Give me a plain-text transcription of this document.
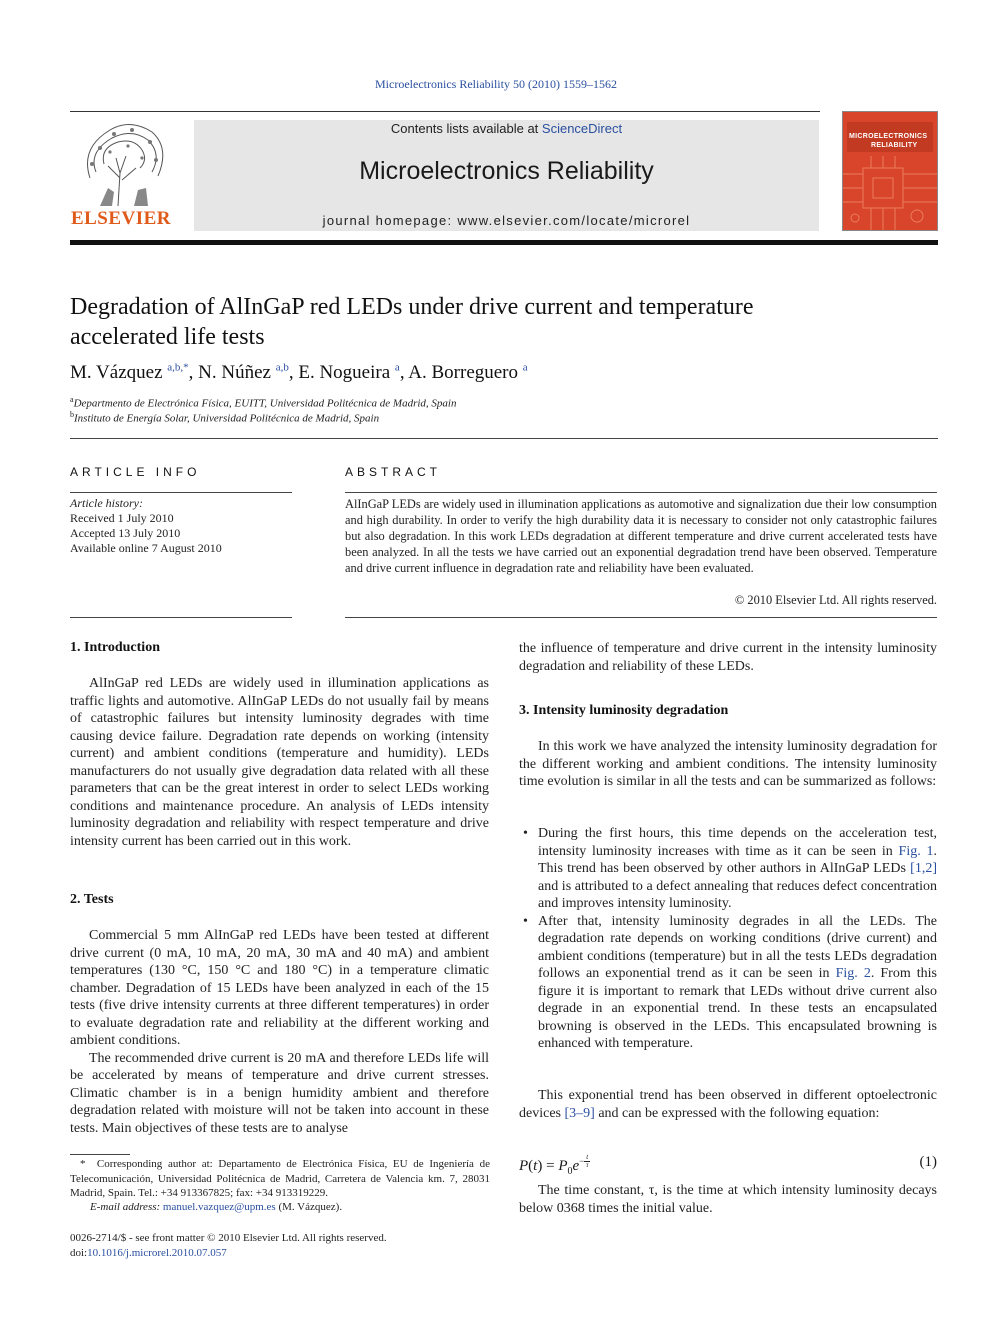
Microelectronics Reliability 50 (2010) 1559–1562
ELSEVIER
Contents lists available at ScienceDirect
Microelectronics Reliability
journal homepage: www.elsevier.com/locate/microrel
MICROELECTRONICS
RELIABILITY
Degradation of AlInGaP red LEDs under drive current and temperature
accelerated life tests
M. Vázquez $^{a,b,*}$, N. Núñez $^{a,b}$, E. Nogueira $^a$, A. Borreguero $^a$
$^a$Departmento de Electrónica Física, EUITT, Universidad Politécnica de Madrid, Spain
$^b$Instituto de Energía Solar, Universidad Politécnica de Madrid, Spain
ARTICLE INFO
Article history:
Received 1 July 2010
Accepted 13 July 2010
Available online 7 August 2010
ABSTRACT
AlInGaP LEDs are widely used in illumination applications as automotive and signalization due their low consumption and high durability. In order to verify the high durability data it is necessary to consider not only catastrophic failures but also degradation. In this work LEDs degradation at different temperature and drive current accelerated tests have been analyzed. In all the tests we have carried out an exponential degradation trend have been observed. Temperature and drive current influence in degradation rate and reliability have been evaluated.
© 2010 Elsevier Ltd. All rights reserved.
1. Introduction

AlInGaP red LEDs are widely used in illumination applications as traffic lights and automotive. AlInGaP LEDs do not usually fail by means of catastrophic failures but intensity luminosity degrades with time causing device failure. Degradation rate depends on working (intensity current) and ambient conditions (temperature and humidity). LEDs manufacturers do not usually give degradation data related with all these parameters that can be the great interest in order to select LEDs working conditions and maintenance procedure. An analysis of LEDs intensity luminosity degradation and reliability with respect temperature and drive intensity current has been carried out in this work.

2. Tests

Commercial 5 mm AlInGaP red LEDs have been tested at different drive current (0 mA, 10 mA, 20 mA, 30 mA and 40 mA) and ambient temperatures (130 °C, 150 °C and 180 °C) in a temperature climatic chamber. Degradation of 15 LEDs have been analyzed in each of the 15 tests (five drive intensity currents at three different temperatures) in order to evaluate degradation rate and reliability at the different working and ambient conditions.

The recommended drive current is 20 mA and therefore LEDs life will be accelerated by means of temperature and drive current stresses. Climatic chamber is in a benign humidity ambient and therefore degradation related with moisture will not be taken into account in these tests. Main objectives of these tests are to analyse

* Corresponding author at: Departamento de Electrónica Física, EU de Ingeniería de Telecomunicación, Universidad Politécnica de Madrid, Carretera de Valencia km. 7, 28031 Madrid, Spain. Tel.: +34 913367825; fax: +34 913319229.
E-mail address: manuel.vazquez@upm.es (M. Vázquez).
0026-2714/$ - see front matter © 2010 Elsevier Ltd. All rights reserved.
doi:10.1016/j.microrel.2010.07.057

the influence of temperature and drive current in the intensity luminosity degradation and reliability of these LEDs.

3. Intensity luminosity degradation

In this work we have analyzed the intensity luminosity degradation for the different working and ambient conditions. The intensity luminosity time evolution is similar in all the tests and can be summarized as follows:

• During the first hours, this time depends on the acceleration test, intensity luminosity increases with time as it can be seen in Fig. 1. This trend has been observed by other authors in AlInGaP LEDs [1,2] and is attributed to a defect annealing that reduces defect concentration and improves intensity luminosity.
• After that, intensity luminosity degrades in all the LEDs. The degradation rate depends on working conditions (drive current) and ambient conditions (temperature) but in all the tests LEDs degradation follows an exponential trend as it can be seen in Fig. 2. From this figure it is important to remark that LEDs without drive current also degrade in an exponential trend. In these tests an encapsulated browning is observed in the LEDs. This encapsulated browning is enhanced with temperature.

This exponential trend has been observed in different optoelectronic devices [3–9] and can be expressed with the following equation:

$P(t) = P_0e^{-\frac{t}{\tau}}$	(1)

The time constant, τ, is the time at which intensity luminosity decays below 0368 times the initial value.
